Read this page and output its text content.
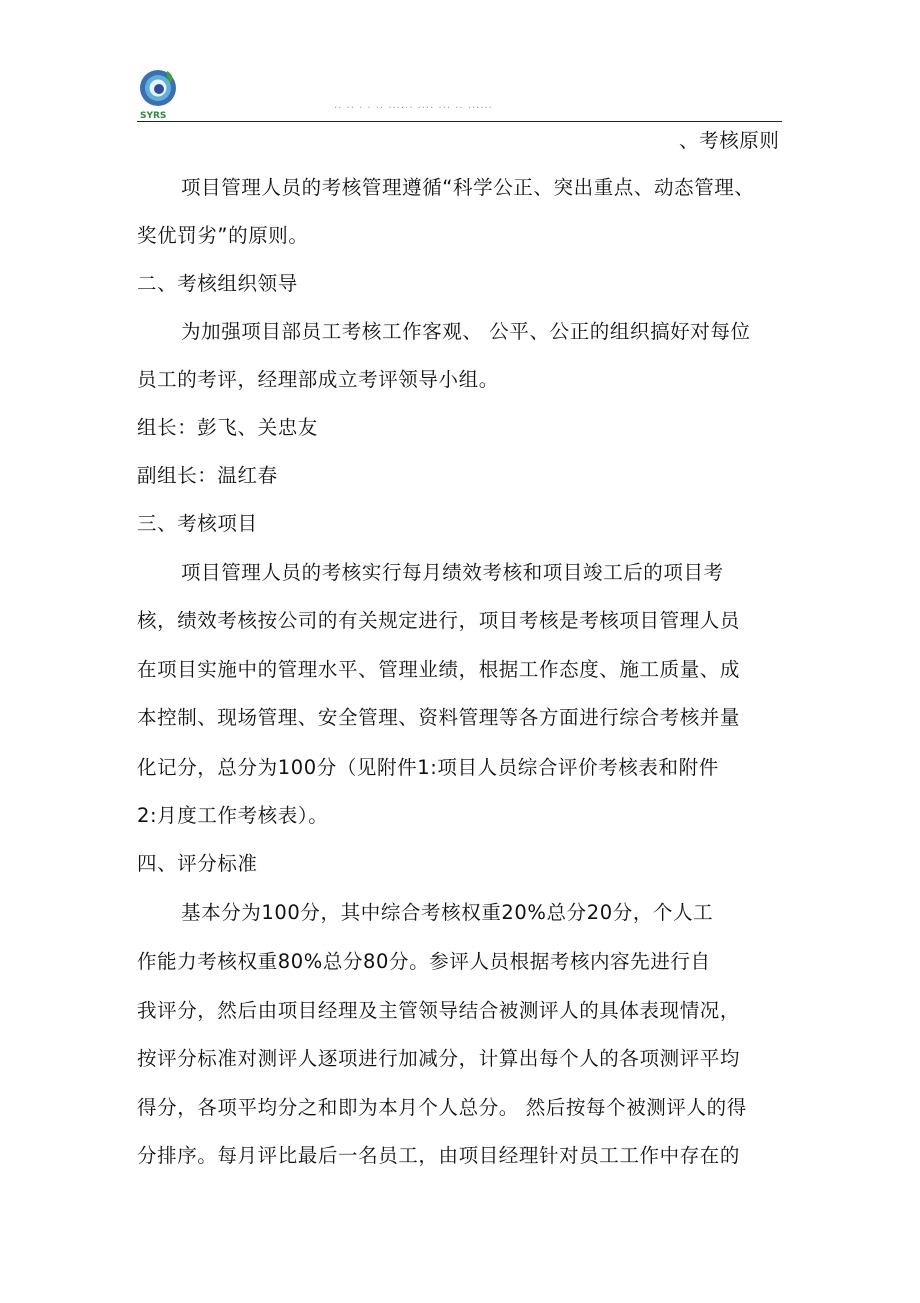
SYRS
·· ·· · · ·· ······ ···· ··· ·· ······
、考核原则
项目管理人员的考核管理遵循“科学公正、突出重点、动态管理、
奖优罚劣”的原则。
二、考核组织领导
为加强项目部员工考核工作客观、 公平、公正的组织搞好对每位
员工的考评，经理部成立考评领导小组。
组长：彭飞、关忠友
副组长：温红春
三、考核项目
项目管理人员的考核实行每月绩效考核和项目竣工后的项目考
核，绩效考核按公司的有关规定进行，项目考核是考核项目管理人员
在项目实施中的管理水平、管理业绩，根据工作态度、施工质量、成
本控制、现场管理、安全管理、资料管理等各方面进行综合考核并量
化记分，总分为100分（见附件1:项目人员综合评价考核表和附件
2:月度工作考核表）。
四、评分标准
基本分为100分，其中综合考核权重20%总分20分，个人工
作能力考核权重80%总分80分。参评人员根据考核内容先进行自
我评分，然后由项目经理及主管领导结合被测评人的具体表现情况，
按评分标准对测评人逐项进行加减分，计算出每个人的各项测评平均
得分，各项平均分之和即为本月个人总分。 然后按每个被测评人的得
分排序。每月评比最后一名员工，由项目经理针对员工工作中存在的
